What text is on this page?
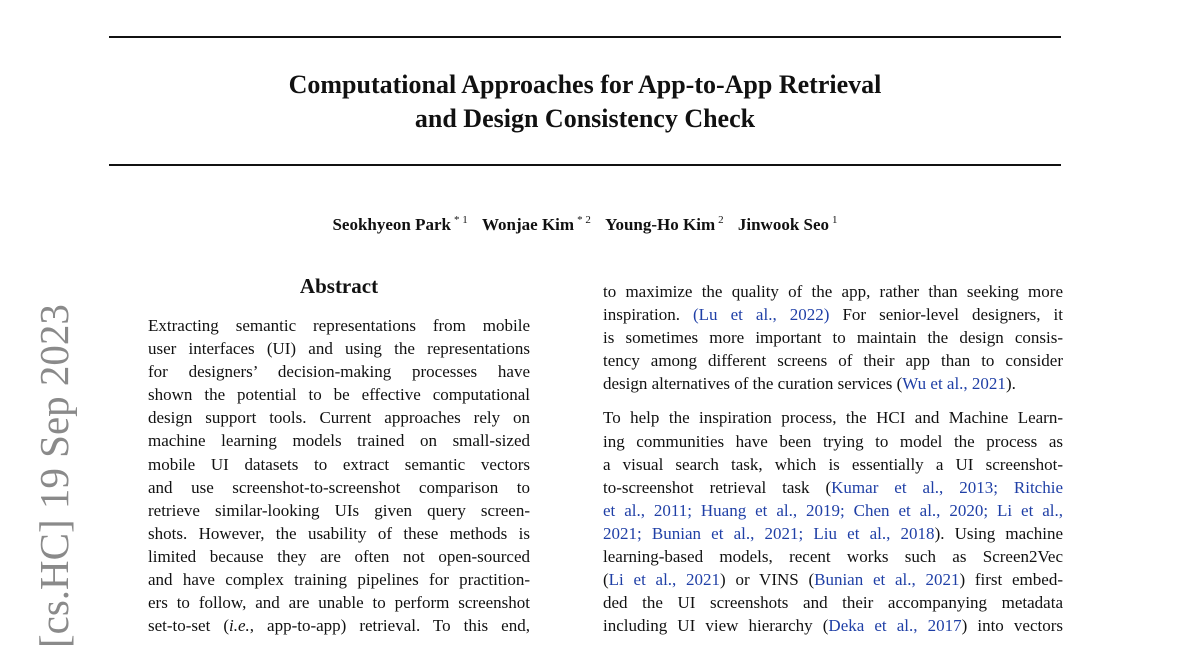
Computational Approaches for App-to-App Retrieval
and Design Consistency Check
Seokhyeon Park $^{* 1}$ Wonjae Kim $^{* 2}$ Young-Ho Kim $^2$ Jinwook Seo $^1$
[cs.HC] 19 Sep 2023
Abstract
Extracting semantic representations from mobile
user interfaces (UI) and using the representations
for designers’ decision-making processes have
shown the potential to be effective computational
design support tools. Current approaches rely on
machine learning models trained on small-sized
mobile UI datasets to extract semantic vectors
and use screenshot-to-screenshot comparison to
retrieve similar-looking UIs given query screen-
shots. However, the usability of these methods is
limited because they are often not open-sourced
and have complex training pipelines for practition-
ers to follow, and are unable to perform screenshot
set-to-set (i.e., app-to-app) retrieval. To this end,
to maximize the quality of the app, rather than seeking more
inspiration. (Lu et al., 2022) For senior-level designers, it
is sometimes more important to maintain the design consis-
tency among different screens of their app than to consider
design alternatives of the curation services (Wu et al., 2021).
To help the inspiration process, the HCI and Machine Learn-
ing communities have been trying to model the process as
a visual search task, which is essentially a UI screenshot-
to-screenshot retrieval task (Kumar et al., 2013; Ritchie
et al., 2011; Huang et al., 2019; Chen et al., 2020; Li et al.,
2021; Bunian et al., 2021; Liu et al., 2018). Using machine
learning-based models, recent works such as Screen2Vec
(Li et al., 2021) or VINS (Bunian et al., 2021) first embed-
ded the UI screenshots and their accompanying metadata
including UI view hierarchy (Deka et al., 2017) into vectors
